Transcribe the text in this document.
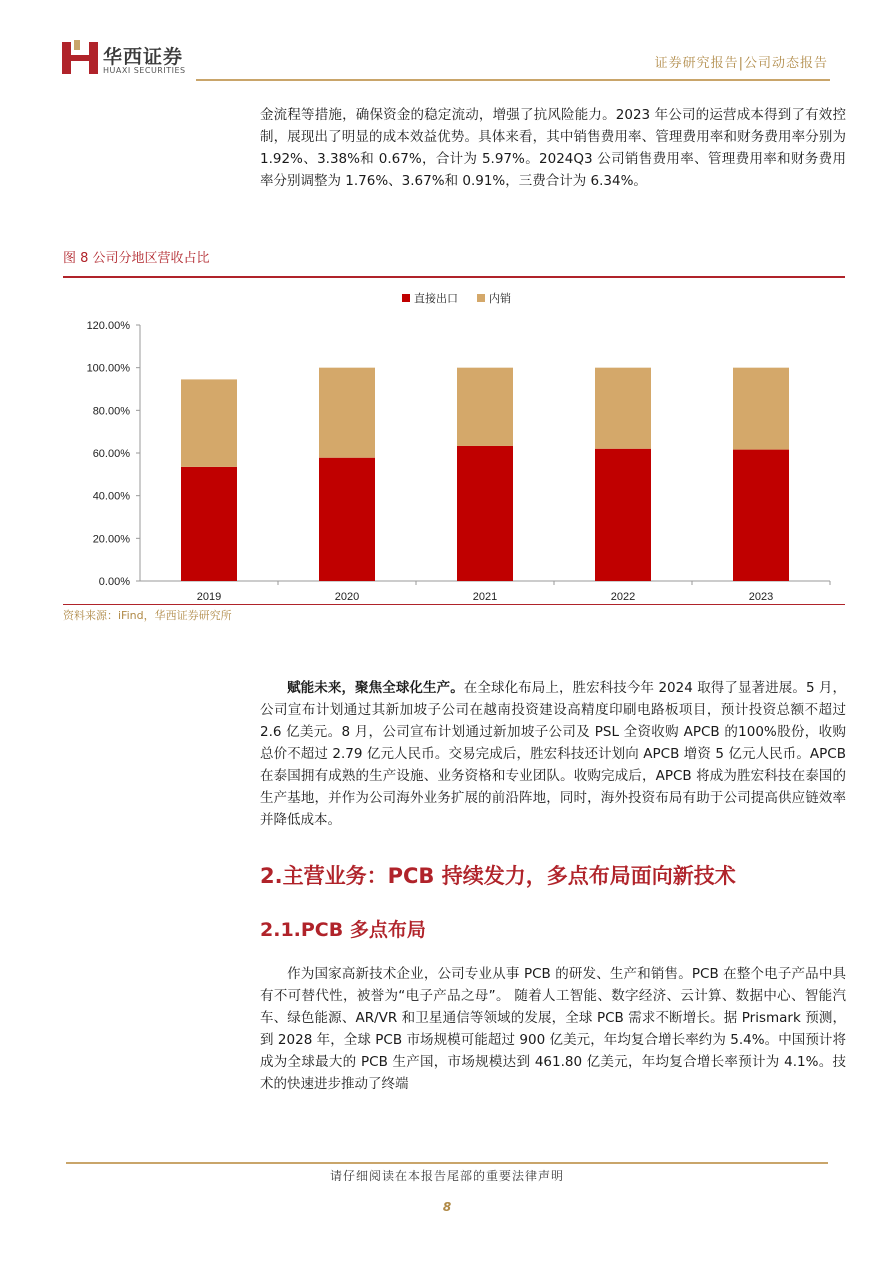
华西证券
HUAXI SECURITIES	证券研究报告|公司动态报告
金流程等措施，确保资金的稳定流动，增强了抗风险能力。2023 年公司的运营成本得到了有效控制，展现出了明显的成本效益优势。具体来看，其中销售费用率、管理费用率和财务费用率分别为 1.92%、3.38%和 0.67%，合计为 5.97%。2024Q3 公司销售费用率、管理费用率和财务费用率分别调整为 1.76%、3.67%和 0.91%，三费合计为 6.34%。
图 8 公司分地区营收占比
0.00%
20.00%
40.00%
60.00%
80.00%
100.00%
120.00%
2019	2020	2021	2022	2023
直接出口	内销
资料来源：iFind，华西证券研究所
赋能未来，聚焦全球化生产。在全球化布局上，胜宏科技今年 2024 取得了显著进展。5 月，公司宣布计划通过其新加坡子公司在越南投资建设高精度印刷电路板项目，预计投资总额不超过 2.6 亿美元。8 月，公司宣布计划通过新加坡子公司及 PSL 全资收购 APCB 的100%股份，收购总价不超过 2.79 亿元人民币。交易完成后，胜宏科技还计划向 APCB 增资 5 亿元人民币。APCB 在泰国拥有成熟的生产设施、业务资格和专业团队。收购完成后，APCB 将成为胜宏科技在泰国的生产基地，并作为公司海外业务扩展的前沿阵地，同时，海外投资布局有助于公司提高供应链效率并降低成本。
2.主营业务：PCB 持续发力，多点布局面向新技术
2.1.PCB 多点布局
作为国家高新技术企业，公司专业从事 PCB 的研发、生产和销售。PCB 在整个电子产品中具有不可替代性，被誉为“电子产品之母”。 随着人工智能、数字经济、云计算、数据中心、智能汽车、绿色能源、AR/VR 和卫星通信等领域的发展，全球 PCB 需求不断增长。据 Prismark 预测，到 2028 年，全球 PCB 市场规模可能超过 900 亿美元，年均复合增长率约为 5.4%。中国预计将成为全球最大的 PCB 生产国，市场规模达到 461.80 亿美元，年均复合增长率预计为 4.1%。技术的快速进步推动了终端
请仔细阅读在本报告尾部的重要法律声明
8
